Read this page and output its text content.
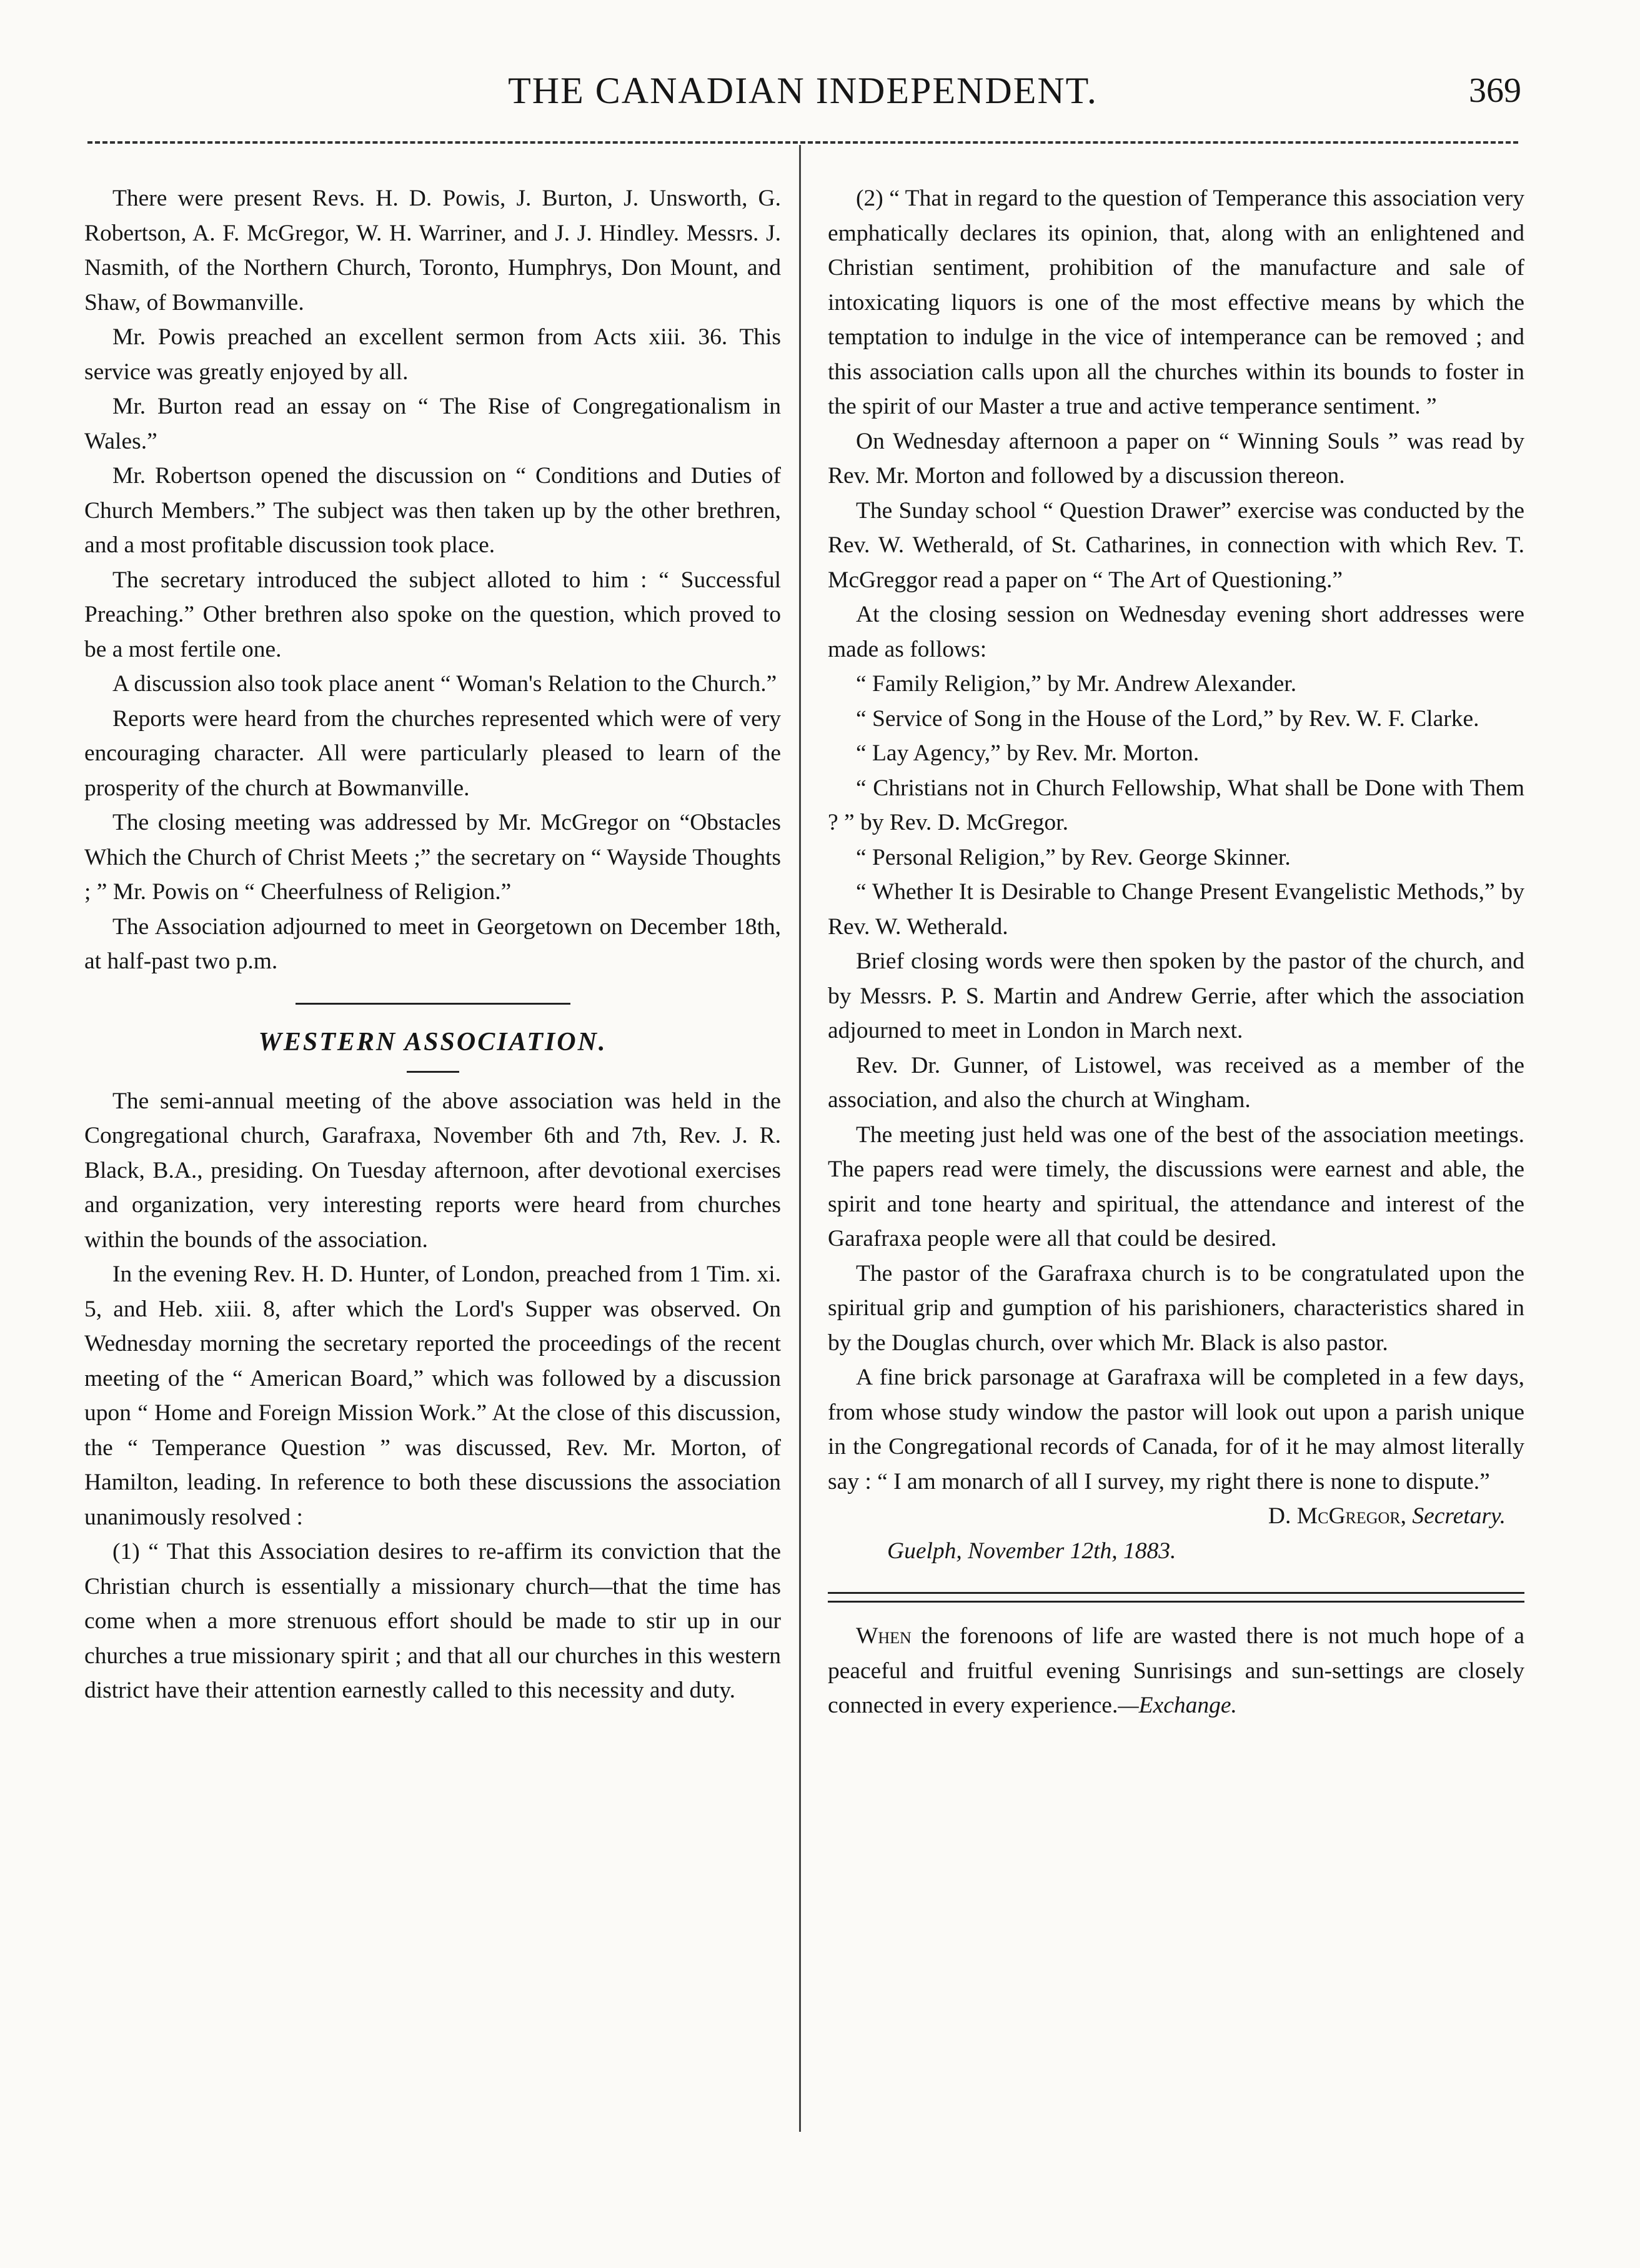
THE CANADIAN INDEPENDENT.	369

There were present Revs. H. D. Powis, J. Burton, J. Unsworth, G. Robertson, A. F. McGregor, W. H. Warriner, and J. J. Hindley. Messrs. J. Nasmith, of the Northern Church, Toronto, Humphrys, Don Mount, and Shaw, of Bowmanville.

Mr. Powis preached an excellent sermon from Acts xiii. 36. This service was greatly enjoyed by all.

Mr. Burton read an essay on “ The Rise of Congregationalism in Wales.”

Mr. Robertson opened the discussion on “ Conditions and Duties of Church Members.” The subject was then taken up by the other brethren, and a most profitable discussion took place.

The secretary introduced the subject alloted to him : “ Successful Preaching.” Other brethren also spoke on the question, which proved to be a most fertile one.

A discussion also took place anent “ Woman's Relation to the Church.”

Reports were heard from the churches represented which were of very encouraging character. All were particularly pleased to learn of the prosperity of the church at Bowmanville.

The closing meeting was addressed by Mr. McGregor on “Obstacles Which the Church of Christ Meets ;” the secretary on “ Wayside Thoughts ; ” Mr. Powis on “ Cheerfulness of Religion.”

The Association adjourned to meet in Georgetown on December 18th, at half-past two p.m.

WESTERN ASSOCIATION.

The semi-annual meeting of the above association was held in the Congregational church, Garafraxa, November 6th and 7th, Rev. J. R. Black, B.A., presiding. On Tuesday afternoon, after devotional exercises and organization, very interesting reports were heard from churches within the bounds of the association.

In the evening Rev. H. D. Hunter, of London, preached from 1 Tim. xi. 5, and Heb. xiii. 8, after which the Lord's Supper was observed. On Wednesday morning the secretary reported the proceedings of the recent meeting of the “ American Board,” which was followed by a discussion upon “ Home and Foreign Mission Work.” At the close of this discussion, the “ Temperance Question ” was discussed, Rev. Mr. Morton, of Hamilton, leading. In reference to both these discussions the association unanimously resolved :

(1) “ That this Association desires to re-affirm its conviction that the Christian church is essentially a missionary church—that the time has come when a more strenuous effort should be made to stir up in our churches a true missionary spirit ; and that all our churches in this western district have their attention earnestly called to this necessity and duty.

(2) “ That in regard to the question of Temperance this association very emphatically declares its opinion, that, along with an enlightened and Christian sentiment, prohibition of the manufacture and sale of intoxicating liquors is one of the most effective means by which the temptation to indulge in the vice of intemperance can be removed ; and this association calls upon all the churches within its bounds to foster in the spirit of our Master a true and active temperance sentiment. ”

On Wednesday afternoon a paper on “ Winning Souls ” was read by Rev. Mr. Morton and followed by a discussion thereon.

The Sunday school “ Question Drawer” exercise was conducted by the Rev. W. Wetherald, of St. Catharines, in connection with which Rev. T. McGreggor read a paper on “ The Art of Questioning.”

At the closing session on Wednesday evening short addresses were made as follows:

“ Family Religion,” by Mr. Andrew Alexander.

“ Service of Song in the House of the Lord,” by Rev. W. F. Clarke.

“ Lay Agency,” by Rev. Mr. Morton.

“ Christians not in Church Fellowship, What shall be Done with Them ? ” by Rev. D. McGregor.

“ Personal Religion,” by Rev. George Skinner.

“ Whether It is Desirable to Change Present Evangelistic Methods,” by Rev. W. Wetherald.

Brief closing words were then spoken by the pastor of the church, and by Messrs. P. S. Martin and Andrew Gerrie, after which the association adjourned to meet in London in March next.

Rev. Dr. Gunner, of Listowel, was received as a member of the association, and also the church at Wingham.

The meeting just held was one of the best of the association meetings. The papers read were timely, the discussions were earnest and able, the spirit and tone hearty and spiritual, the attendance and interest of the Garafraxa people were all that could be desired.

The pastor of the Garafraxa church is to be congratulated upon the spiritual grip and gumption of his parishioners, characteristics shared in by the Douglas church, over which Mr. Black is also pastor.

A fine brick parsonage at Garafraxa will be completed in a few days, from whose study window the pastor will look out upon a parish unique in the Congregational records of Canada, for of it he may almost literally say : “ I am monarch of all I survey, my right there is none to dispute.”

D. McGregor, Secretary.

Guelph, November 12th, 1883.

When the forenoons of life are wasted there is not much hope of a peaceful and fruitful evening Sunrisings and sun-settings are closely connected in every experience.—Exchange.
